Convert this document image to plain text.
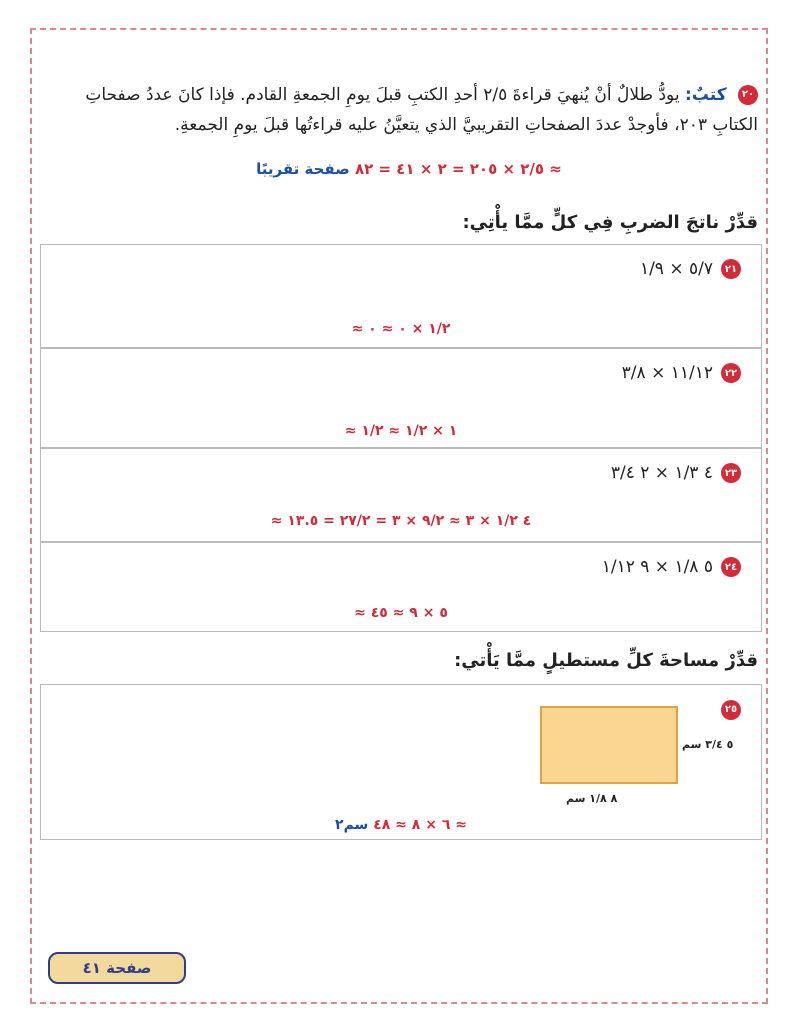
٢٠ كتبٌ: يودُّ طلالٌ أنْ يُنهيَ قراءةَ ٢/٥ أحدِ الكتبِ قبلَ يومِ الجمعةِ القادم. فإذا كانَ عددُ صفحاتِ
الكتابِ ٢٠٣، فأوجدْ عددَ الصفحاتِ التقريبيَّ الذي يتعيَّنُ عليه قراءتُها قبلَ يومِ الجمعةِ.
≈ ٢/٥ × ٢٠٥ = ٢ × ٤١ = ٨٢ صفحة تقريبًا
قدِّرْ ناتجَ الضربِ فِي كلٍّ ممَّا يأْتِي:
٢١
٥/٧ × ١/٩
≈ ١/٢ × ٠ ≈ ٠
٢٢
١١/١٢ × ٣/٨
≈ ١ × ١/٢ ≈ ١/٢
٢٣
٤ ١/٣ × ٢ ٣/٤
≈ ٤ ١/٢ × ٣ ≈ ٩/٢ × ٣ = ٢٧/٢ = ١٣.٥
٢٤
٥ ١/٨ × ٩ ١/١٢
≈ ٥ × ٩ ≈ ٤٥
قدِّرْ مساحةَ كلِّ مستطيلٍ ممَّا يَأْتي:
٢٥
≈ ٦ × ٨ ≈ ٤٨ سم٢
٥ ٣/٤ سم
٨ ١/٨ سم
صفحة ٤١
